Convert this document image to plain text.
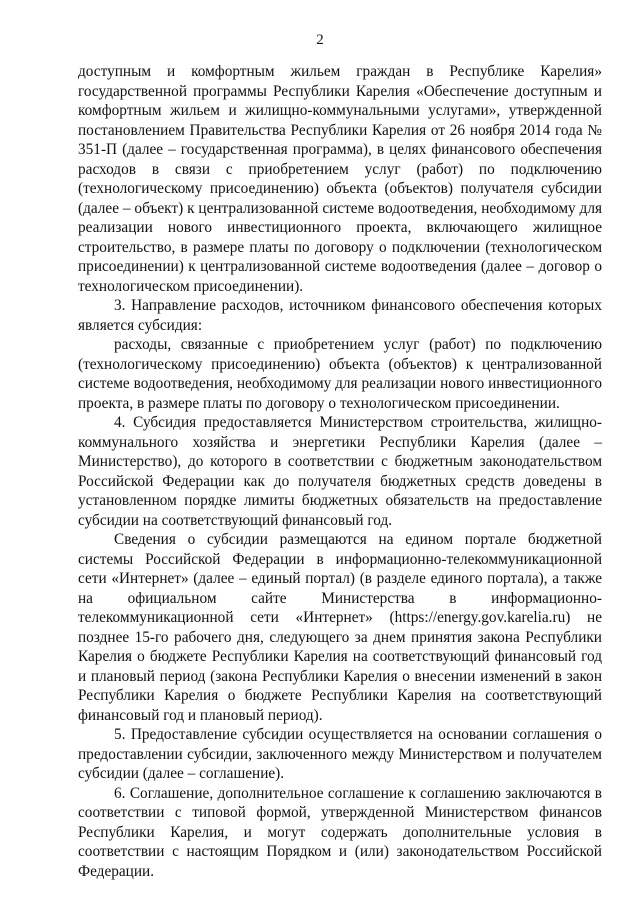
2

доступным и комфортным жильем граждан в Республике Карелия» государственной программы Республики Карелия «Обеспечение доступным и комфортным жильем и жилищно-коммунальными услугами», утвержденной постановлением Правительства Республики Карелия от 26 ноября 2014 года № 351-П (далее – государственная программа), в целях финансового обеспечения расходов в связи с приобретением услуг (работ) по подключению (технологическому присоединению) объекта (объектов) получателя субсидии (далее – объект) к централизованной системе водоотведения, необходимому для реализации нового инвестиционного проекта, включающего жилищное строительство, в размере платы по договору о подключении (технологическом присоединении) к централизованной системе водоотведения (далее – договор о технологическом присоединении).

3. Направление расходов, источником финансового обеспечения которых является субсидия:

расходы, связанные с приобретением услуг (работ) по подключению (технологическому присоединению) объекта (объектов) к централизованной системе водоотведения, необходимому для реализации нового инвестиционного проекта, в размере платы по договору о технологическом присоединении.

4. Субсидия предоставляется Министерством строительства, жилищно-коммунального хозяйства и энергетики Республики Карелия (далее – Министерство), до которого в соответствии с бюджетным законодательством Российской Федерации как до получателя бюджетных средств доведены в установленном порядке лимиты бюджетных обязательств на предоставление субсидии на соответствующий финансовый год.

Сведения о субсидии размещаются на едином портале бюджетной системы Российской Федерации в информационно-телекоммуникационной сети «Интернет» (далее – единый портал) (в разделе единого портала), а также на официальном сайте Министерства в информационно-телекоммуникационной сети «Интернет» (https://energy.gov.karelia.ru) не позднее 15-го рабочего дня, следующего за днем принятия закона Республики Карелия о бюджете Республики Карелия на соответствующий финансовый год и плановый период (закона Республики Карелия о внесении изменений в закон Республики Карелия о бюджете Республики Карелия на соответствующий финансовый год и плановый период).

5. Предоставление субсидии осуществляется на основании соглашения о предоставлении субсидии, заключенного между Министерством и получателем субсидии (далее – соглашение).

6. Соглашение, дополнительное соглашение к соглашению заключаются в соответствии с типовой формой, утвержденной Министерством финансов Республики Карелия, и могут содержать дополнительные условия в соответствии с настоящим Порядком и (или) законодательством Российской Федерации.
